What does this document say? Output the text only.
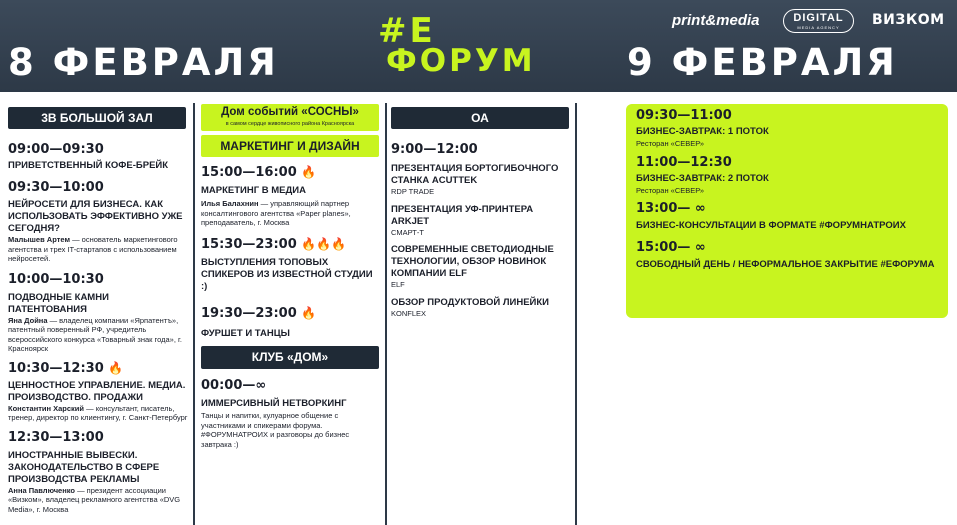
8 ФЕВРАЛЯ
#Е
ФОРУМ 9 ФЕВРАЛЯ
print&media	DIGITAL
MEDIA AGENCY	ВИЗКОМ
3В БОЛЬШОЙ ЗАЛ
09:00—09:30
ПРИВЕТСТВЕННЫЙ КОФЕ-БРЕЙК
09:30—10:00
НЕЙРОСЕТИ ДЛЯ БИЗНЕСА. КАК ИСПОЛЬЗОВАТЬ ЭФФЕКТИВНО УЖЕ СЕГОДНЯ?
Малышев Артем — основатель маркетингового агентства и трех IT-стартапов с использованием нейросетей.
10:00—10:30
ПОДВОДНЫЕ КАМНИ ПАТЕНТОВАНИЯ
Яна Дойна — владелец компании «Ярпатентъ», патентный поверенный РФ, учредитель всероссийского конкурса «Товарный знак года», г. Красноярск
10:30—12:30 🔥
ЦЕННОСТНОЕ УПРАВЛЕНИЕ. МЕДИА. ПРОИЗВОДСТВО. ПРОДАЖИ
Константин Харский — консультант, писатель, тренер, директор по клиентингу, г. Санкт-Петербург
12:30—13:00
ИНОСТРАННЫЕ ВЫВЕСКИ. ЗАКОНОДАТЕЛЬСТВО В СФЕРЕ ПРОИЗВОДСТВА РЕКЛАМЫ
Анна Павлюченко — президент ассоциации «Визком», владелец рекламного агентства «DVG Media», г. Москва
Дом событий «СОСНЫ»
в самом сердце живописного района Красноярска
МАРКЕТИНГ И ДИЗАЙН
15:00—16:00 🔥
МАРКЕТИНГ В МЕДИА
Илья Балахнин — управляющий партнер консалтингового агентства «Paper planes», преподаватель, г. Москва
15:30—23:00 🔥🔥🔥
ВЫСТУПЛЕНИЯ ТОПОВЫХ СПИКЕРОВ ИЗ ИЗВЕСТНОЙ СТУДИИ :)
19:30—23:00 🔥
ФУРШЕТ И ТАНЦЫ
КЛУБ «ДОМ»
00:00—∞
ИММЕРСИВНЫЙ НЕТВОРКИНГ
Танцы и напитки, кулуарное общение с участниками и спикерами форума. #ФОРУМНАТРОИХ и разговоры до бизнес завтрака :)
ОА
9:00—12:00
ПРЕЗЕНТАЦИЯ БОРТОГИБОЧНОГО СТАНКА ACUTTEK
RDP TRADE
ПРЕЗЕНТАЦИЯ УФ-ПРИНТЕРА ARKJET
СМАРТ-Т
СОВРЕМЕННЫЕ СВЕТОДИОДНЫЕ ТЕХНОЛОГИИ, ОБЗОР НОВИНОК КОМПАНИИ ELF
ELF
ОБЗОР ПРОДУКТОВОЙ ЛИНЕЙКИ
KONFLEX
09:30—11:00
БИЗНЕС-ЗАВТРАК: 1 ПОТОК
Ресторан «СЕВЕР»
11:00—12:30
БИЗНЕС-ЗАВТРАК: 2 ПОТОК
Ресторан «СЕВЕР»
13:00— ∞
БИЗНЕС-КОНСУЛЬТАЦИИ В ФОРМАТЕ #ФОРУМНАТРОИХ
15:00— ∞
СВОБОДНЫЙ ДЕНЬ / НЕФОРМАЛЬНОЕ ЗАКРЫТИЕ #ЕФОРУМА
